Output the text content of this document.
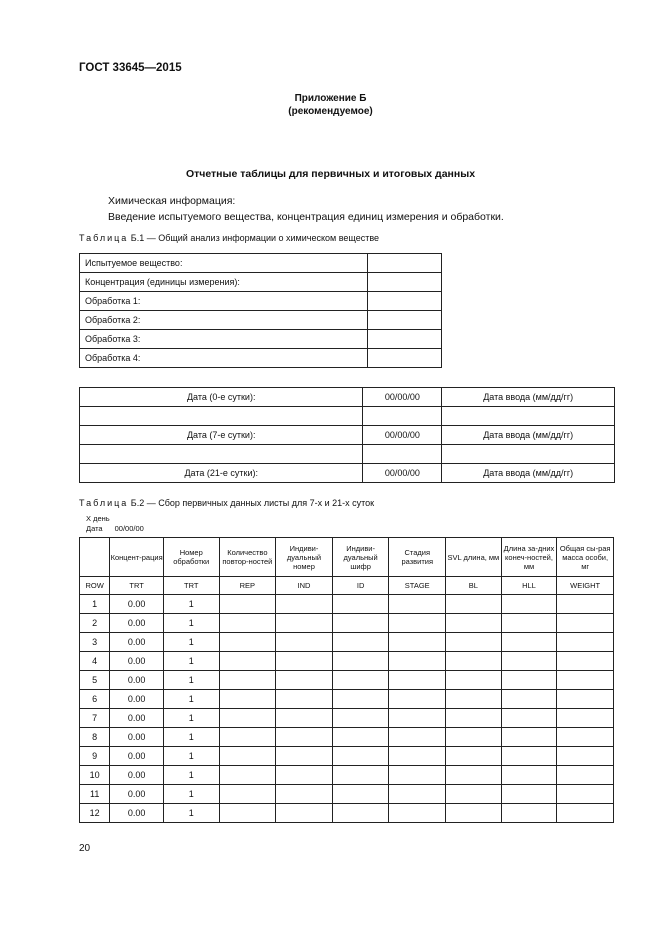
ГОСТ 33645—2015
Приложение Б
(рекомендуемое)
Отчетные таблицы для первичных и итоговых данных
Химическая информация:
Введение испытуемого вещества, концентрация единиц измерения и обработки.
Таблица Б.1 — Общий анализ информации о химическом веществе
Испытуемое вещество:	
Концентрация (единицы измерения):	
Обработка 1:	
Обработка 2:	
Обработка 3:	
Обработка 4:	
Дата (0-е сутки):	00/00/00	Дата ввода (мм/дд/гг)

Дата (7-е сутки):	00/00/00	Дата ввода (мм/дд/гг)

Дата (21-е сутки):	00/00/00	Дата ввода (мм/дд/гг)
Таблица Б.2 — Сбор первичных данных листы для 7-х и 21-х суток
X день
Дата 00/00/00
	Концент-рация	Номер обработки	Количество повтор-ностей	Индиви-дуальный номер	Индиви-дуальный шифр	Стадия развития	SVL длина, мм	Длина за-дних конеч-ностей, мм	Общая сы-рая масса особи, мг
ROW	TRT	TRT	REP	IND	ID	STAGE	BL	HLL	WEIGHT
1	0.00	1							
2	0.00	1							
3	0.00	1							
4	0.00	1							
5	0.00	1							
6	0.00	1							
7	0.00	1							
8	0.00	1							
9	0.00	1							
10	0.00	1							
11	0.00	1							
12	0.00	1							
20
